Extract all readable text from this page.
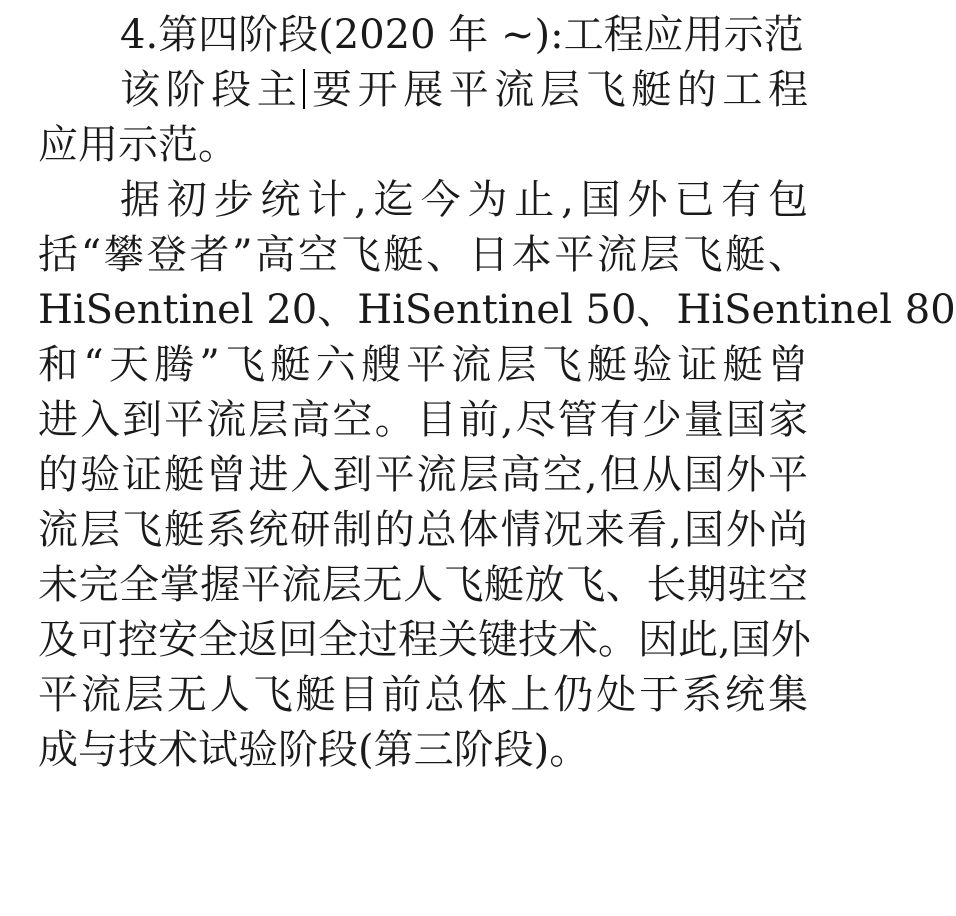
4.第四阶段(2020 年 ~):工程应用示范
该阶段主 要开展平流层飞艇的工程
应用示范。
据初步统计,迄今为止,国外已有包
括“攀登者”高空飞艇、日本平流层飞艇、
HiSentinel 20、HiSentinel 50、HiSentinel 80
和“天腾”飞艇六艘平流层飞艇验证艇曾
进入到平流层高空。目前,尽管有少量国家
的验证艇曾进入到平流层高空,但从国外平
流层飞艇系统研制的总体情况来看,国外尚
未完全掌握平流层无人飞艇放飞、长期驻空
及可控安全返回全过程关键技术。因此,国外
平流层无人飞艇目前总体上仍处于系统集
成与技术试验阶段(第三阶段)。
